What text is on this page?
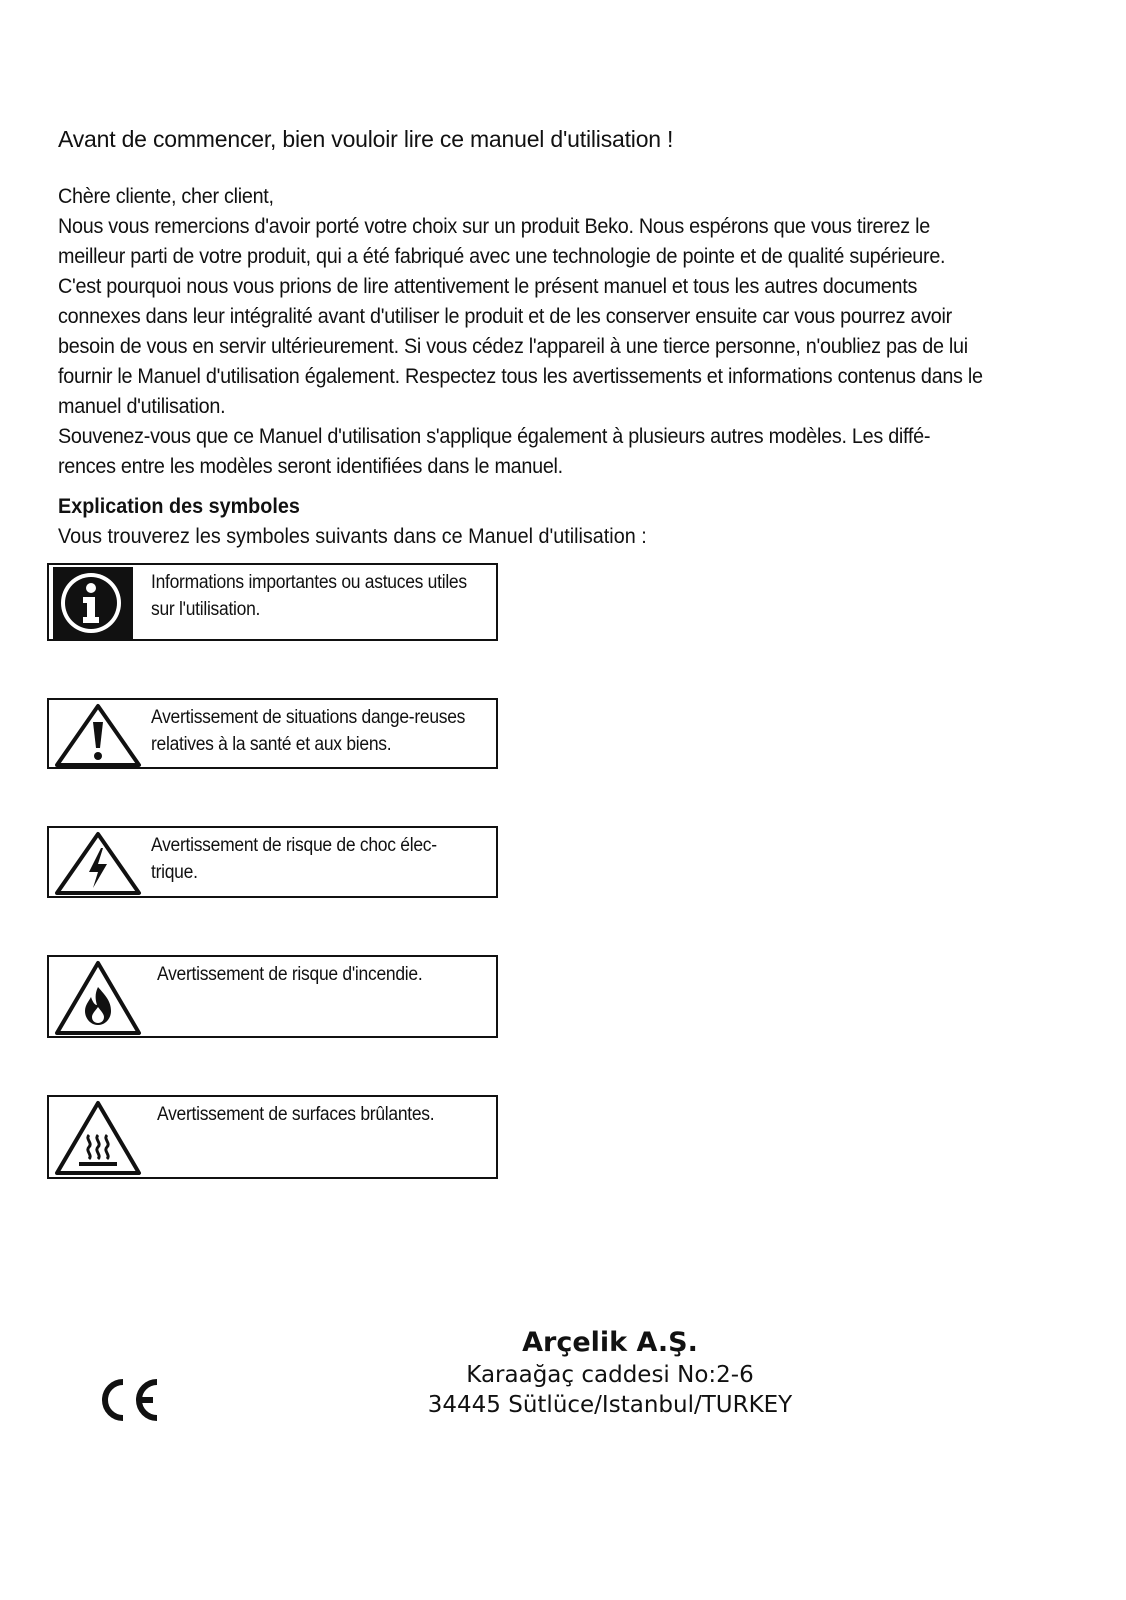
Avant de commencer, bien vouloir lire ce manuel d'utilisation !

Chère cliente, cher client,

Nous vous remercions d'avoir porté votre choix sur un produit Beko. Nous espérons que vous tirerez le meilleur parti de votre produit, qui a été fabriqué avec une technologie de pointe et de qualité supérieure. C'est pourquoi nous vous prions de lire attentivement le présent manuel et tous les autres documents connexes dans leur intégralité avant d'utiliser le produit et de les conserver ensuite car vous pourrez avoir besoin de vous en servir ultérieurement. Si vous cédez l'appareil à une tierce personne, n'oubliez pas de lui fournir le Manuel d'utilisation également. Respectez tous les avertissements et informations contenus dans le manuel d'utilisation.

Souvenez-vous que ce Manuel d'utilisation s'applique également à plusieurs autres modèles. Les diffé-rences entre les modèles seront identifiées dans le manuel.

Explication des symboles

Vous trouverez les symboles suivants dans ce Manuel d'utilisation :

Informations importantes ou astuces utiles sur l'utilisation.
Avertissement de situations dange-reuses relatives à la santé et aux biens.
Avertissement de risque de choc élec-trique.
Avertissement de risque d'incendie.
Avertissement de surfaces brûlantes.
Arçelik A.Ş.
Karaağaç caddesi No:2-6
34445 Sütlüce/Istanbul/TURKEY
